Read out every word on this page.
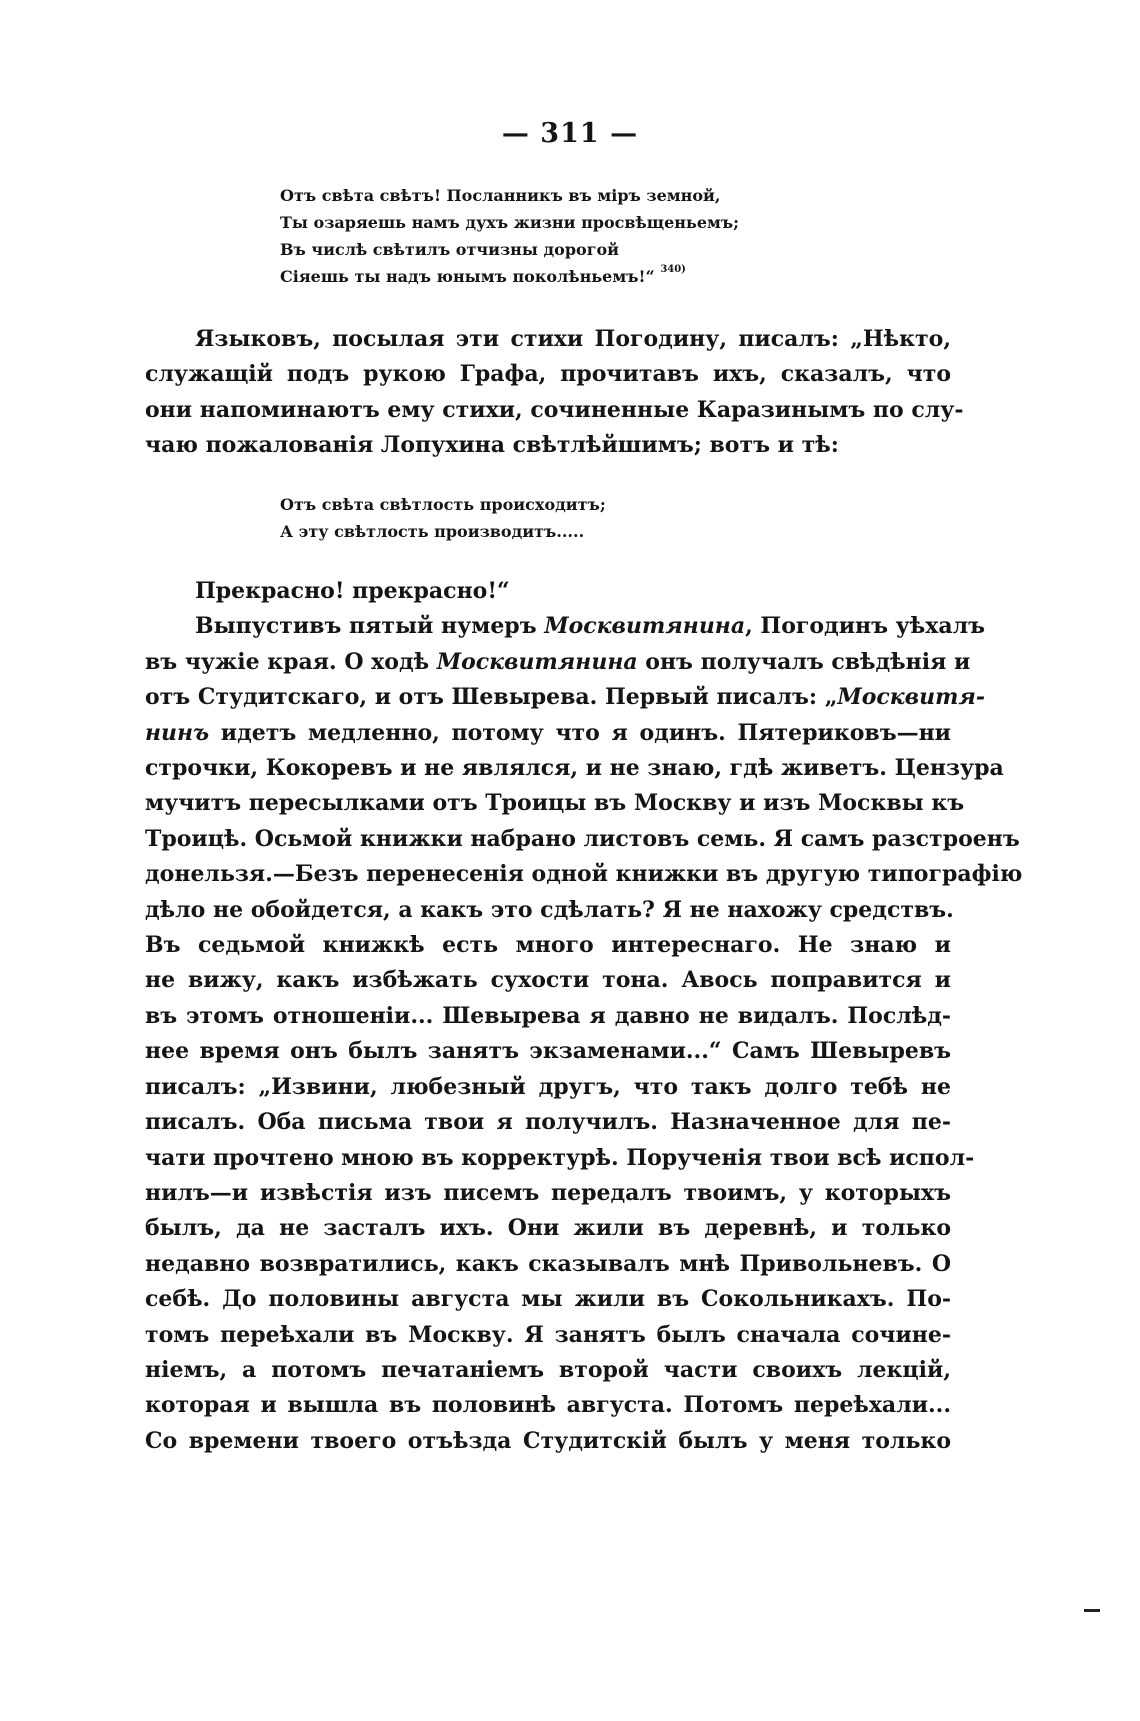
— 311 —
Отъ свѣта свѣтъ! Посланникъ въ міръ земной,
Ты озаряешь намъ духъ жизни просвѣщеньемъ;
Въ числѣ свѣтилъ отчизны дорогой
Сіяешь ты надъ юнымъ поколѣньемъ!“ $^{340)}$
Языковъ, посылая эти стихи Погодину, писалъ: „Нѣкто,
служащій подъ рукою Графа, прочитавъ ихъ, сказалъ, что
они напоминаютъ ему стихи, сочиненные Каразинымъ по слу-
чаю пожалованія Лопухина свѣтлѣйшимъ; вотъ и тѣ:
Отъ свѣта свѣтлость происходитъ;
А эту свѣтлость производитъ.....
Прекрасно! прекрасно!“
Выпустивъ пятый нумеръ Москвитянина, Погодинъ уѣхалъ
въ чужіе края. О ходѣ Москвитянина онъ получалъ свѣдѣнія и
отъ Студитскаго, и отъ Шевырева. Первый писалъ: „Москвитя-
нинъ идетъ медленно, потому что я одинъ. Пятериковъ—ни
строчки, Кокоревъ и не являлся, и не знаю, гдѣ живетъ. Цензура
мучитъ пересылками отъ Троицы въ Москву и изъ Москвы къ
Троицѣ. Осьмой книжки набрано листовъ семь. Я самъ разстроенъ
донельзя.—Безъ перенесенія одной книжки въ другую типографію
дѣло не обойдется, а какъ это сдѣлать? Я не нахожу средствъ.
Въ седьмой книжкѣ есть много интереснаго. Не знаю и
не вижу, какъ избѣжать сухости тона. Авось поправится и
въ этомъ отношеніи... Шевырева я давно не видалъ. Послѣд-
нее время онъ былъ занятъ экзаменами...“ Самъ Шевыревъ
писалъ: „Извини, любезный другъ, что такъ долго тебѣ не
писалъ. Оба письма твои я получилъ. Назначенное для пе-
чати прочтено мною въ корректурѣ. Порученія твои всѣ испол-
нилъ—и извѣстія изъ писемъ передалъ твоимъ, у которыхъ
былъ, да не засталъ ихъ. Они жили въ деревнѣ, и только
недавно возвратились, какъ сказывалъ мнѣ Привольневъ. О
себѣ. До половины августа мы жили въ Сокольникахъ. По-
томъ переѣхали въ Москву. Я занятъ былъ сначала сочине-
ніемъ, а потомъ печатаніемъ второй части своихъ лекцій,
которая и вышла въ половинѣ августа. Потомъ переѣхали...
Со времени твоего отъѣзда Студитскій былъ у меня только
